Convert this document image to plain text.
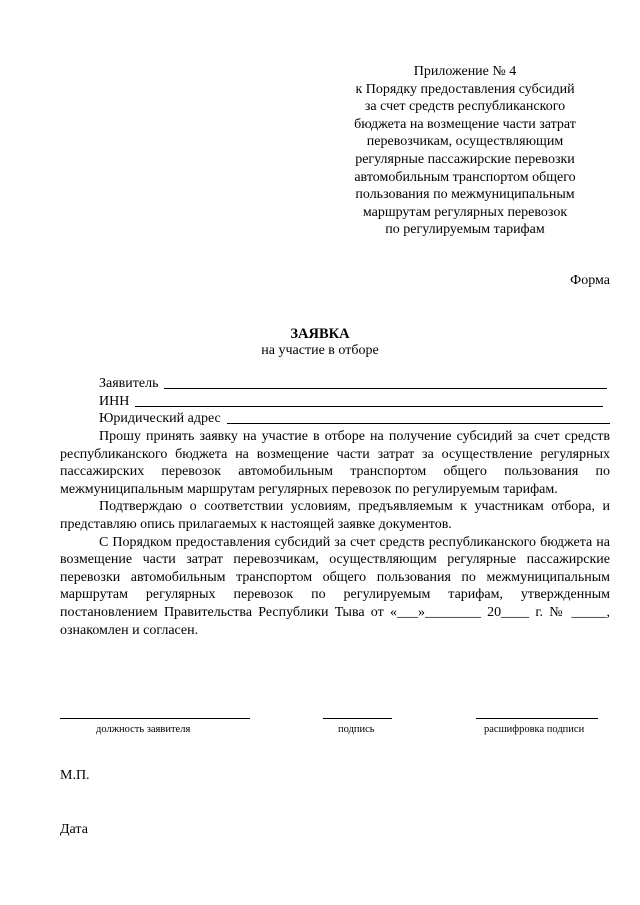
Приложение № 4
к Порядку предоставления субсидий
за счет средств республиканского
бюджета на возмещение части затрат
перевозчикам, осуществляющим
регулярные пассажирские перевозки
автомобильным транспортом общего
пользования по межмуниципальным
маршрутам регулярных перевозок
по регулируемым тарифам
Форма
ЗАЯВКА
на участие в отборе
Заявитель
ИНН
Юридический адрес

Прошу принять заявку на участие в отборе на получение субсидий за счет средств республиканского бюджета на возмещение части затрат за осуществление регулярных пассажирских перевозок автомобильным транспортом общего пользования по межмуниципальным маршрутам регулярных перевозок по регулируемым тарифам.

Подтверждаю о соответствии условиям, предъявляемым к участникам отбора, и представляю опись прилагаемых к настоящей заявке документов.

С Порядком предоставления субсидий за счет средств республиканского бюджета на возмещение части затрат перевозчикам, осуществляющим регулярные пассажирские перевозки автомобильным транспортом общего пользования по межмуниципальным маршрутам регулярных перевозок по регулируемым тарифам, утвержденным постановлением Правительства Республики Тыва от «___»________ 20____ г. № _____, ознакомлен и согласен.

должность заявителя	подпись	расшифровка подписи
М.П.
Дата
